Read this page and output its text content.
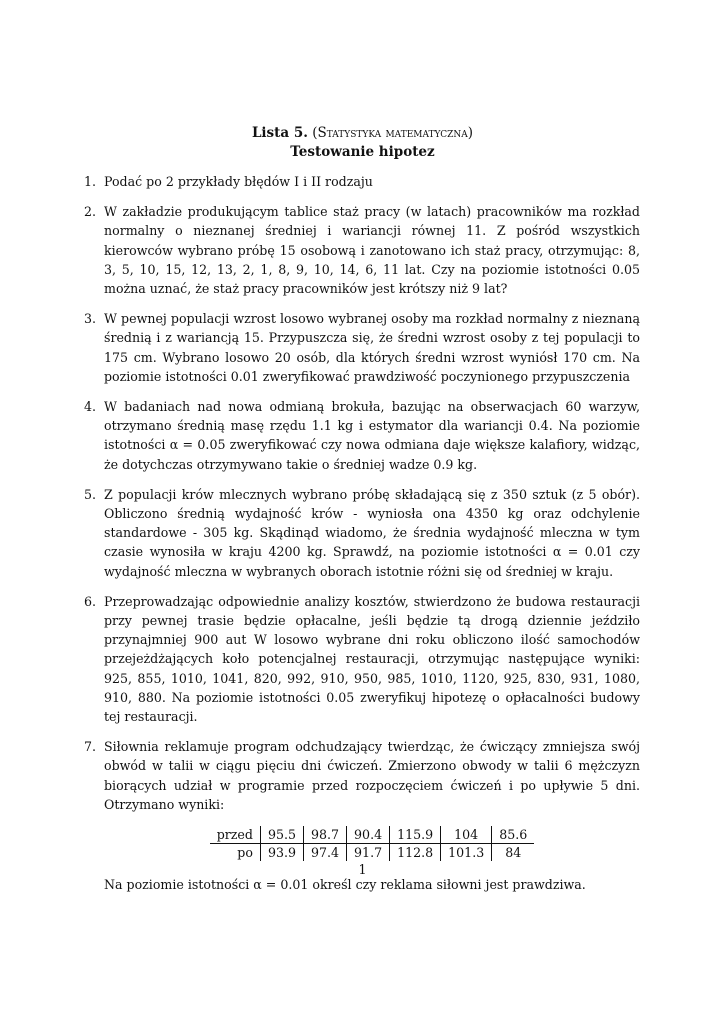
Lista 5. (Statystyka matematyczna)
Testowanie hipotez
1. Podać po 2 przykłady błędów I i II rodzaju
2. W zakładzie produkującym tablice staż pracy (w latach) pracowników ma rozkład normalny o nieznanej średniej i wariancji równej 11. Z pośród wszystkich kierowców wybrano próbę 15 osobową i zanotowano ich staż pracy, otrzymując: 8, 3, 5, 10, 15, 12, 13, 2, 1, 8, 9, 10, 14, 6, 11 lat. Czy na poziomie istotności 0.05 można uznać, że staż pracy pracowników jest krótszy niż 9 lat?
3. W pewnej populacji wzrost losowo wybranej osoby ma rozkład normalny z nieznaną średnią i z wariancją 15. Przypuszcza się, że średni wzrost osoby z tej populacji to 175 cm. Wybrano losowo 20 osób, dla których średni wzrost wyniósł 170 cm. Na poziomie istotności 0.01 zweryfikować prawdziwość poczynionego przypuszczenia
4. W badaniach nad nowa odmianą brokuła, bazując na obserwacjach 60 warzyw, otrzymano średnią masę rzędu 1.1 kg i estymator dla wariancji 0.4. Na poziomie istotności α = 0.05 zweryfikować czy nowa odmiana daje większe kalafiory, widząc, że dotychczas otrzymywano takie o średniej wadze 0.9 kg.
5. Z populacji krów mlecznych wybrano próbę składającą się z 350 sztuk (z 5 obór). Obliczono średnią wydajność krów - wyniosła ona 4350 kg oraz odchylenie standardowe - 305 kg. Skądinąd wiadomo, że średnia wydajność mleczna w tym czasie wynosiła w kraju 4200 kg. Sprawdź, na poziomie istotności α = 0.01 czy wydajność mleczna w wybranych oborach istotnie różni się od średniej w kraju.
6. Przeprowadzając odpowiednie analizy kosztów, stwierdzono że budowa restauracji przy pewnej trasie będzie opłacalne, jeśli będzie tą drogą dziennie jeździło przynajmniej 900 aut W losowo wybrane dni roku obliczono ilość samochodów przejeżdżających koło potencjalnej restauracji, otrzymując następujące wyniki: 925, 855, 1010, 1041, 820, 992, 910, 950, 985, 1010, 1120, 925, 830, 931, 1080, 910, 880. Na poziomie istotności 0.05 zweryfikuj hipotezę o opłacalności budowy tej restauracji.
7. Siłownia reklamuje program odchudzający twierdząc, że ćwiczący zmniejsza swój obwód w talii w ciągu pięciu dni ćwiczeń. Zmierzono obwody w talii 6 mężczyzn biorących udział w programie przed rozpoczęciem ćwiczeń i po upływie 5 dni. Otrzymano wyniki:
przed	95.5	98.7	90.4	115.9	104	85.6
po	93.9	97.4	91.7	112.8	101.3	84
Na poziomie istotności α = 0.01 określ czy reklama siłowni jest prawdziwa.
1
